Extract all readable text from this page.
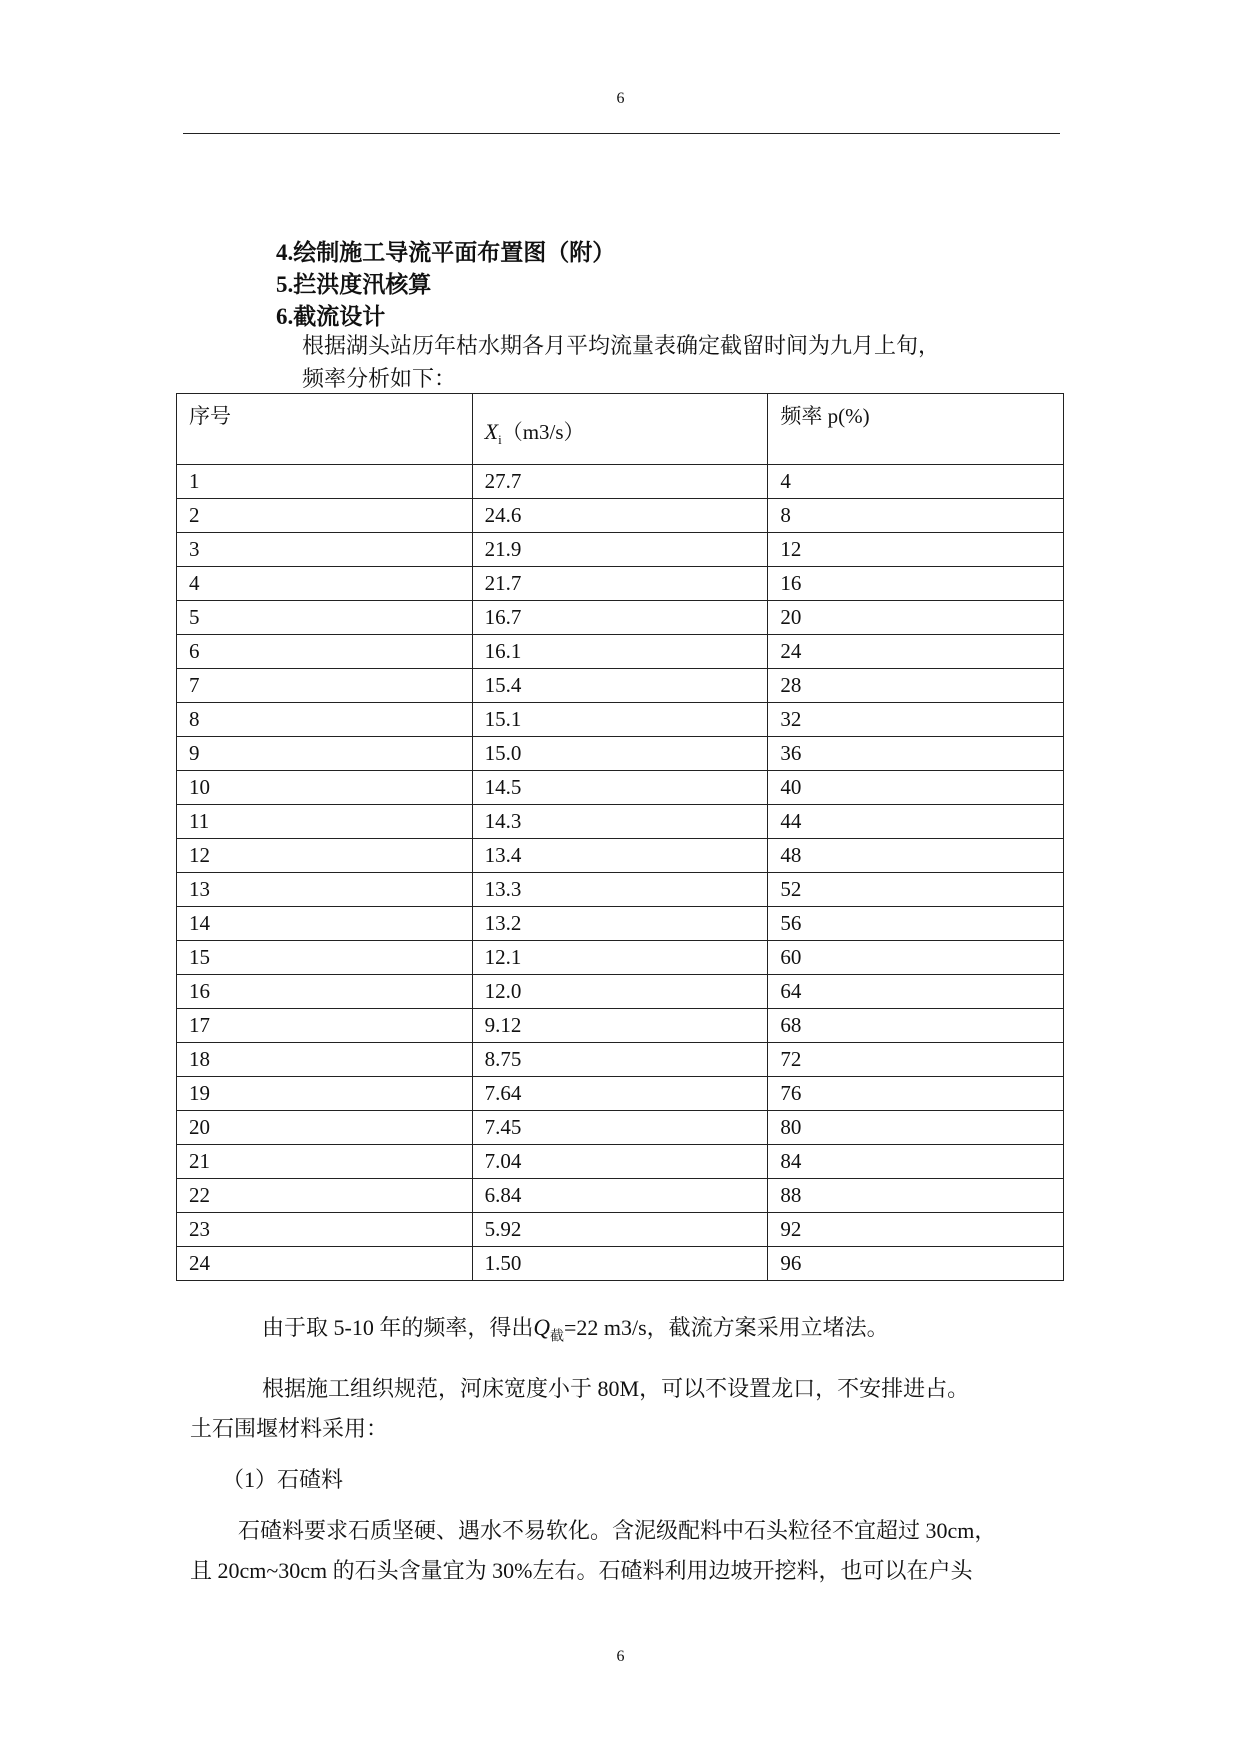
6
4.绘制施工导流平面布置图（附）
5.拦洪度汛核算
6.截流设计
根据湖头站历年枯水期各月平均流量表确定截留时间为九月上旬，
频率分析如下：
序号	$X_i(m3/s)$	频率 p(%)
1	27.7	4
2	24.6	8
3	21.9	12
4	21.7	16
5	16.7	20
6	16.1	24
7	15.4	28
8	15.1	32
9	15.0	36
10	14.5	40
11	14.3	44
12	13.4	48
13	13.3	52
14	13.2	56
15	12.1	60
16	12.0	64
17	9.12	68
18	8.75	72
19	7.64	76
20	7.45	80
21	7.04	84
22	6.84	88
23	5.92	92
24	1.50	96
由于取 5-10 年的频率，得出$Q_截=22$ m3/s，截流方案采用立堵法。
根据施工组织规范，河床宽度小于 80M，可以不设置龙口，不安排进占。
土石围堰材料采用：
（1）石碴料
石碴料要求石质坚硬、遇水不易软化。含泥级配料中石头粒径不宜超过 30cm，
且 20cm~30cm 的石头含量宜为 30%左右。石碴料利用边坡开挖料，也可以在户头
6
